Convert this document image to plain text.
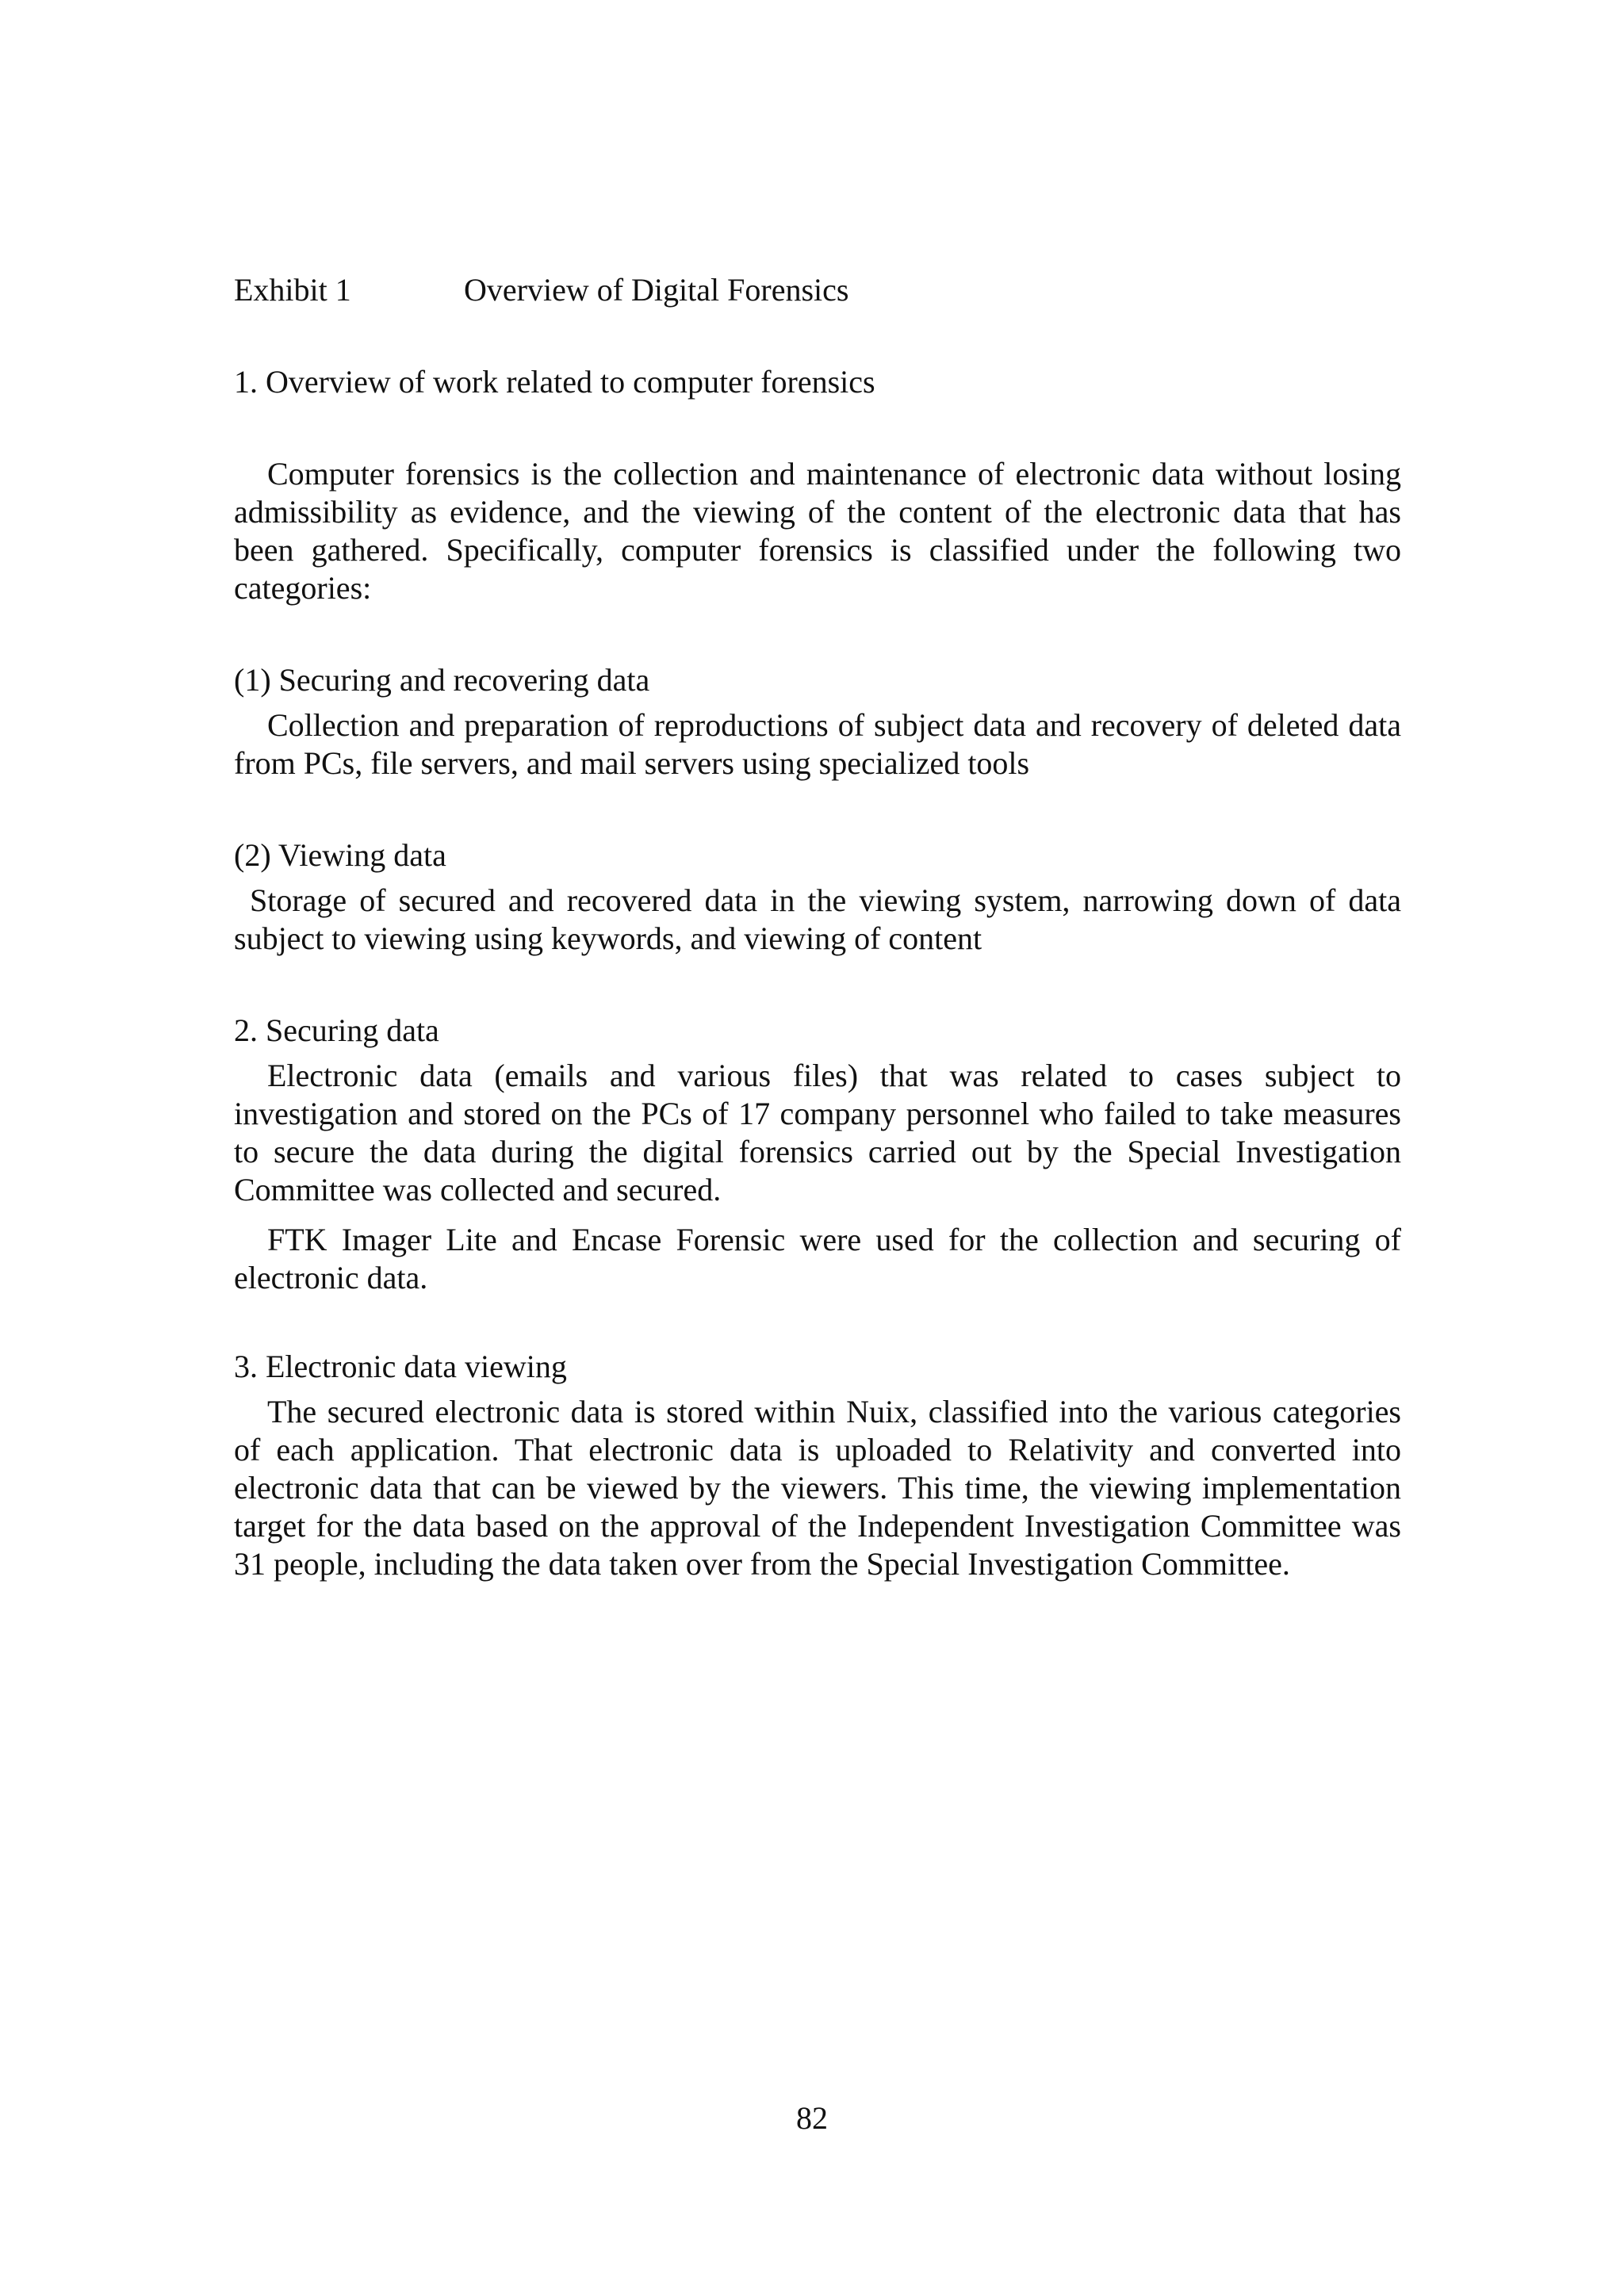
Exhibit 1	Overview of Digital Forensics

1. Overview of work related to computer forensics

Computer forensics is the collection and maintenance of electronic data without losing admissibility as evidence, and the viewing of the content of the electronic data that has been gathered. Specifically, computer forensics is classified under the following two categories:

(1) Securing and recovering data

Collection and preparation of reproductions of subject data and recovery of deleted data from PCs, file servers, and mail servers using specialized tools

(2) Viewing data

Storage of secured and recovered data in the viewing system, narrowing down of data subject to viewing using keywords, and viewing of content

2. Securing data

Electronic data (emails and various files) that was related to cases subject to investigation and stored on the PCs of 17 company personnel who failed to take measures to secure the data during the digital forensics carried out by the Special Investigation Committee was collected and secured.

FTK Imager Lite and Encase Forensic were used for the collection and securing of electronic data.

3. Electronic data viewing

The secured electronic data is stored within Nuix, classified into the various categories of each application. That electronic data is uploaded to Relativity and converted into electronic data that can be viewed by the viewers. This time, the viewing implementation target for the data based on the approval of the Independent Investigation Committee was 31 people, including the data taken over from the Special Investigation Committee.

82
